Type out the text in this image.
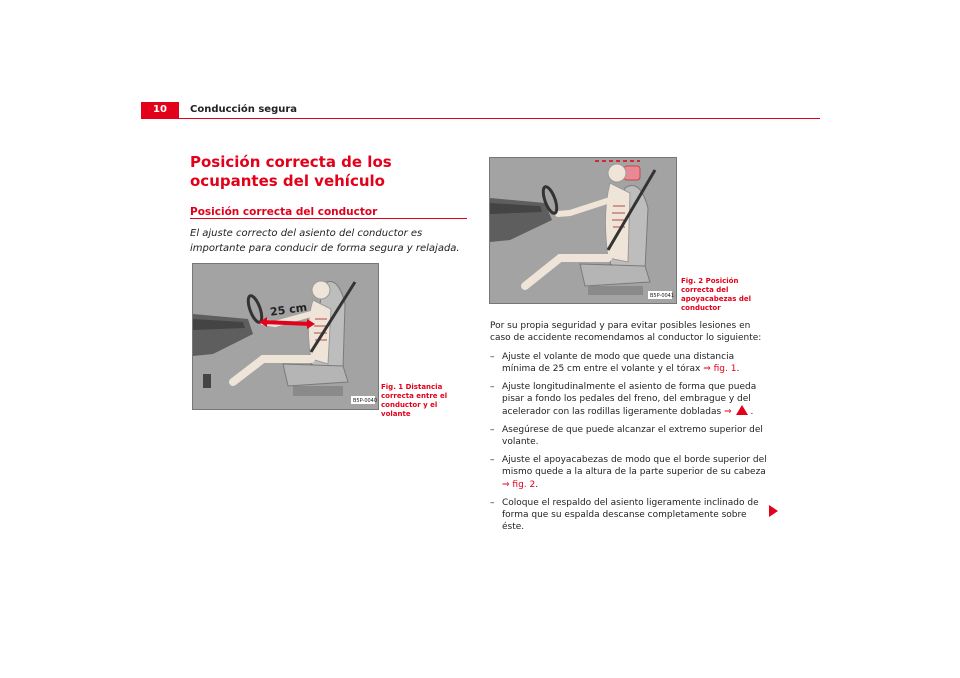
10	Conducción segura
Posición correcta de los ocupantes del vehículo
Posición correcta del conductor
El ajuste correcto del asiento del conductor es importante para conducir de forma segura y relajada.
25 cm
B5P-0040
Fig. 1 Distancia correcta entre el conductor y el volante
B5P-0041
Fig. 2 Posición correcta del apoyacabezas del conductor

Por su propia seguridad y para evitar posibles lesiones en caso de accidente recomendamos al conductor lo siguiente:

– Ajuste el volante de modo que quede una distancia mínima de 25 cm entre el volante y el tórax ⇒ fig. 1.
– Ajuste longitudinalmente el asiento de forma que pueda pisar a fondo los pedales del freno, del embrague y del acelerador con las rodillas ligeramente dobladas ⇒ .
– Asegúrese de que puede alcanzar el extremo superior del volante.
– Ajuste el apoyacabezas de modo que el borde superior del mismo quede a la altura de la parte superior de su cabeza ⇒ fig. 2.
– Coloque el respaldo del asiento ligeramente inclinado de forma que su espalda descanse completamente sobre éste.
